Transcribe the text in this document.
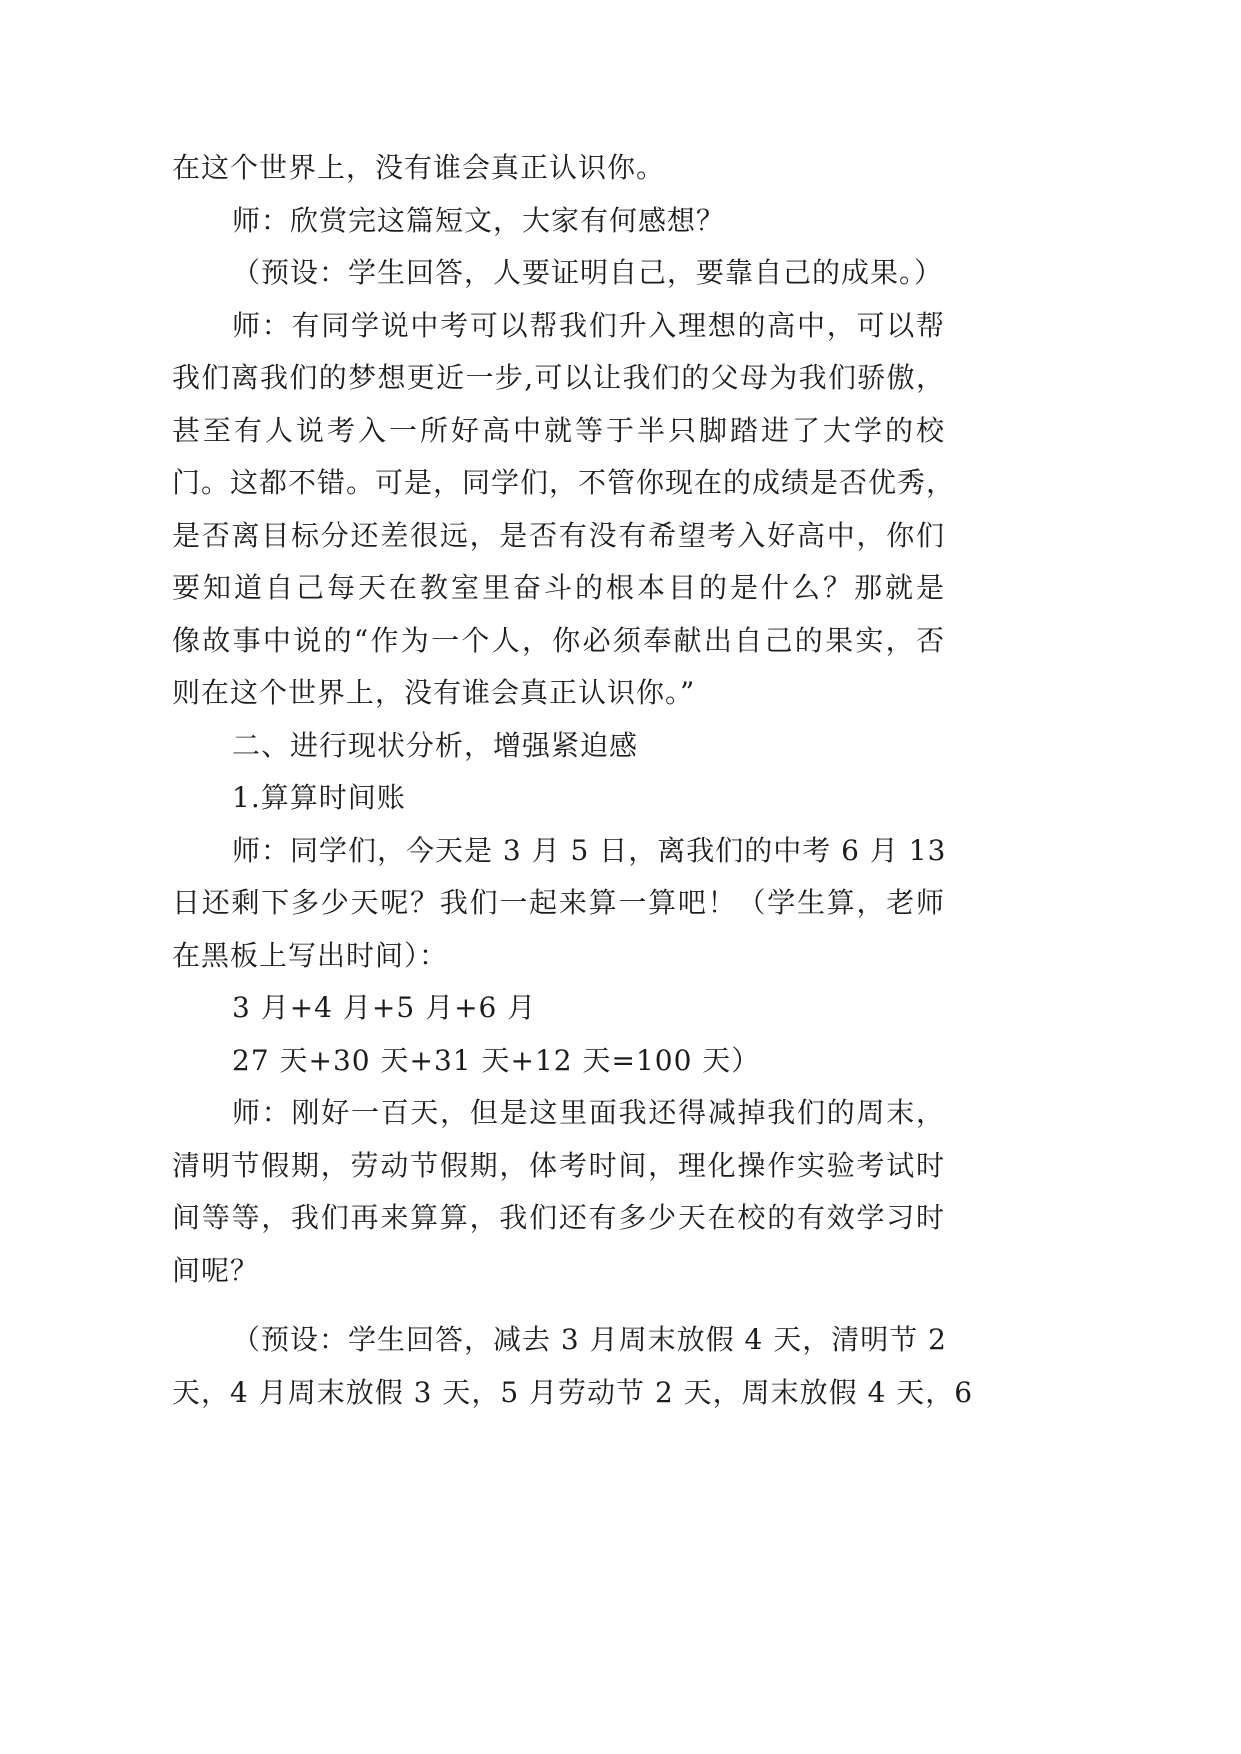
在这个世界上，没有谁会真正认识你。
师：欣赏完这篇短文，大家有何感想？
（预设：学生回答，人要证明自己，要靠自己的成果。）
师：有同学说中考可以帮我们升入理想的高中，可以帮
我们离我们的梦想更近一步,可以让我们的父母为我们骄傲，
甚至有人说考入一所好高中就等于半只脚踏进了大学的校
门。这都不错。可是，同学们，不管你现在的成绩是否优秀，
是否离目标分还差很远，是否有没有希望考入好高中，你们
要知道自己每天在教室里奋斗的根本目的是什么？那就是
像故事中说的“作为一个人，你必须奉献出自己的果实，否
则在这个世界上，没有谁会真正认识你。”
二、进行现状分析，增强紧迫感
1.算算时间账
师：同学们，今天是 3 月 5 日，离我们的中考 6 月 13
日还剩下多少天呢？我们一起来算一算吧！（学生算，老师
在黑板上写出时间）：
3 月+4 月+5 月+6 月
27 天+30 天+31 天+12 天=100 天）
师：刚好一百天，但是这里面我还得减掉我们的周末，
清明节假期，劳动节假期，体考时间，理化操作实验考试时
间等等，我们再来算算，我们还有多少天在校的有效学习时
间呢？
（预设：学生回答，减去 3 月周末放假 4 天，清明节 2
天，4 月周末放假 3 天，5 月劳动节 2 天，周末放假 4 天，6
